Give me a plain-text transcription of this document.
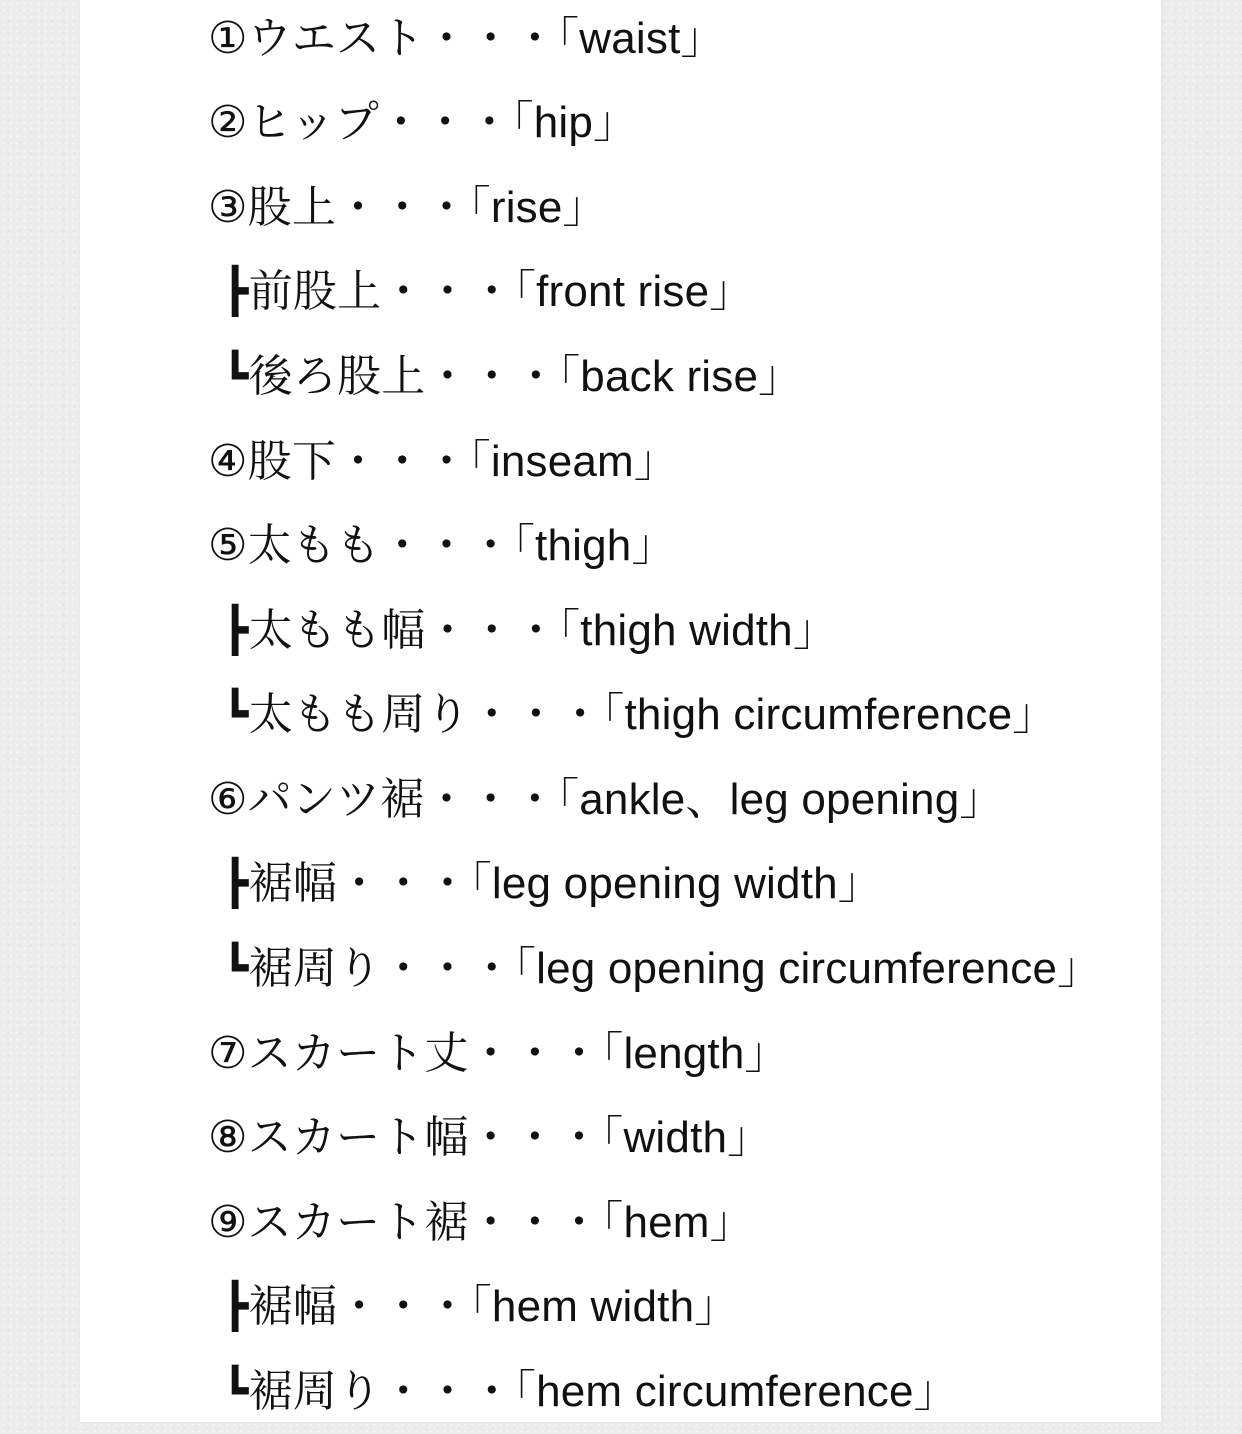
①ウエスト・・・「waist」
②ヒップ・・・「hip」
③股上・・・「rise」
┣前股上・・・「front rise」
┗後ろ股上・・・「back rise」
④股下・・・「inseam」
⑤太もも・・・「thigh」
┣太もも幅・・・「thigh width」
┗太もも周り・・・「thigh circumference」
⑥パンツ裾・・・「ankle、leg opening」
┣裾幅・・・「leg opening width」
┗裾周り・・・「leg opening circumference」
⑦スカート丈・・・「length」
⑧スカート幅・・・「width」
⑨スカート裾・・・「hem」
┣裾幅・・・「hem width」
┗裾周り・・・「hem circumference」
